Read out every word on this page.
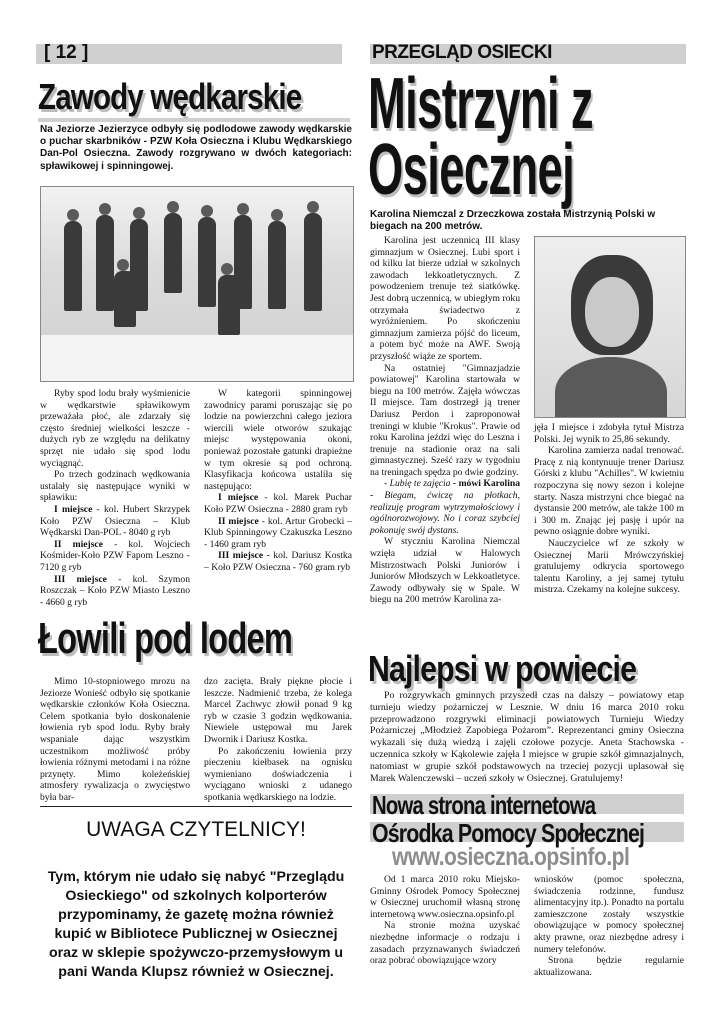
[ 12 ]	PRZEGLĄD OSIECKI
Zawody wędkarskie
Na Jeziorze Jezierzyce odbyły się podlodowe zawody wędkarskie o puchar skarbników - PZW Koła Osieczna i Klubu Wędkarskiego Dan-Pol Osieczna. Zawody rozgrywano w dwóch kategoriach: spławikowej i spinningowej.

Ryby spod lodu brały wyśmienicie w wędkarstwie spławikowym przeważała płoć, ale zdarzały się często średniej wielkości leszcze - dużych ryb ze względu na delikatny sprzęt nie udało się spod lodu wyciągnąć.

Po trzech godzinach wędkowania ustalały się następujące wyniki w spławiku:

I miejsce - kol. Hubert Skrzypek Koło PZW Osieczna – Klub Wędkarski Dan-POL - 8040 g ryb

II miejsce - kol. Wojciech Kośmider-Koło PZW Fapom Leszno - 7120 g ryb

III miejsce - kol. Szymon Roszczak – Koło PZW Miasto Leszno - 4660 g ryb

W kategorii spinningowej zawodnicy parami poruszając się po lodzie na powierzchni całego jeziora wiercili wiele otworów szukając miejsc występowania okoni, ponieważ pozostałe gatunki drapieżne w tym okresie są pod ochroną. Klasyfikacja końcowa ustaliła się następująco:

I miejsce - kol. Marek Puchar Koło PZW Osieczna - 2880 gram ryb

II miejsce - kol. Artur Grobecki – Klub Spinningowy Czakuszka Leszno - 1460 gram ryb

III miejsce - kol. Dariusz Kostka – Koło PZW Osieczna - 760 gram ryb

Łowili pod lodem

Mimo 10-stopniowego mrozu na Jeziorze Wonieść odbyło się spotkanie wędkarskie członków Koła Osieczna. Celem spotkania było doskonalenie łowienia ryb spod lodu. Ryby brały wspaniale dając wszystkim uczestnikom możliwość próby łowienia różnymi metodami i na różne przynęty. Mimo koleżeńskiej atmosfery rywalizacja o zwycięstwo była bar-

dzo zacięta. Brały piękne płocie i leszcze. Nadmienić trzeba, że kolega Marcel Zachwyc złowił ponad 9 kg ryb w czasie 3 godzin wędkowania. Niewiele ustępował mu Jarek Dwornik i Dariusz Kostka.

Po zakończeniu łowienia przy pieczeniu kiełbasek na ognisku wymieniano doświadczenia i wyciągano wnioski z udanego spotkania wędkarskiego na lodzie.

UWAGA CZYTELNICY!
Tym, którym nie udało się nabyć "Przeglądu Osieckiego" od szkolnych kolporterów przypominamy, że gazetę można również kupić w Bibliotece Publicznej w Osiecznej oraz w sklepie spożywczo-przemysłowym u pani Wanda Klupsz również w Osiecznej.
Mistrzyni z
Osiecznej
Karolina Niemczal z Drzeczkowa została Mistrzynią Polski w biegach na 200 metrów.

Karolina jest uczennicą III klasy gimnazjum w Osiecznej. Lubi sport i od kilku lat bierze udział w szkolnych zawodach lekkoatletycznych. Z powodzeniem trenuje też siatkówkę. Jest dobrą uczennicą, w ubiegłym roku otrzymała świadectwo z wyróżnieniem. Po skończeniu gimnazjum zamierza pójść do liceum, a potem być może na AWF. Swoją przyszłość wiąże ze sportem.

Na ostatniej "Gimnazjadzie powiatowej" Karolina startowała w biegu na 100 metrów. Zajęła wówczas II miejsce. Tam dostrzegł ją trener Dariusz Perdon i zaproponował treningi w klubie "Krokus". Prawie od roku Karolina jeździ więc do Leszna i trenuje na stadionie oraz na sali gimnastycznej. Sześć razy w tygodniu na treningach spędza po dwie godziny.

- Lubię te zajęcia - mówi Karolina - Biegam, ćwiczę na płotkach, realizuję program wytrzymałościowy i ogólnorozwojowy. No i coraz szybciej pokonuję swój dystans.

W styczniu Karolina Niemczal wzięła udział w Halowych Mistrzostwach Polski Juniorów i Juniorów Młodszych w Lekkoatletyce. Zawody odbywały się w Spale. W biegu na 200 metrów Karolina za-

jęła I miejsce i zdobyła tytuł Mistrza Polski. Jej wynik to 25,86 sekundy.

Karolina zamierza nadal trenować. Pracę z nią kontynuuje trener Dariusz Górski z klubu "Achilles". W kwietniu rozpoczyna się nowy sezon i kolejne starty. Nasza mistrzyni chce biegać na dystansie 200 metrów, ale także 100 m i 300 m. Znając jej pasję i upór na pewno osiągnie dobre wyniki.

Nauczycielce wf ze szkoły w Osiecznej Marii Mrówczyńskiej gratulujemy odkrycia sportowego talentu Karoliny, a jej samej tytułu mistrza. Czekamy na kolejne sukcesy.

Najlepsi w powiecie

Po rozgrywkach gminnych przyszedł czas na dalszy – powiatowy etap turnieju wiedzy pożarniczej w Lesznie. W dniu 16 marca 2010 roku przeprowadzono rozgrywki eliminacji powiatowych Turnieju Wiedzy Pożarniczej „Młodzież Zapobiega Pożarom”. Reprezentanci gminy Osieczna wykazali się dużą wiedzą i zajęli czołowe pozycje. Aneta Stachowska - uczennica szkoły w Kąkolewie zajęła I miejsce w grupie szkół gimnazjalnych, natomiast w grupie szkół podstawowych na trzeciej pozycji uplasował się Marek Walenczewski – uczeń szkoły w Osiecznej. Gratulujemy!

Nowa strona internetowa
Ośrodka Pomocy Społecznej
www.osieczna.opsinfo.pl

Od 1 marca 2010 roku Miejsko-Gminny Ośrodek Pomocy Społecznej w Osiecznej uruchomił własną stronę internetową www.osieczna.opsinfo.pl

Na stronie można uzyskać niezbędne informacje o rodzaju i zasadach przyznawanych świadczeń oraz pobrać obowiązujące wzory

wniosków (pomoc społeczna, świadczenia rodzinne, fundusz alimentacyjny itp.). Ponadto na portalu zamieszczone zostały wszystkie obowiązujące w pomocy społecznej akty prawne, oraz niezbędne adresy i numery telefonów.

Strona będzie regularnie aktualizowana.
